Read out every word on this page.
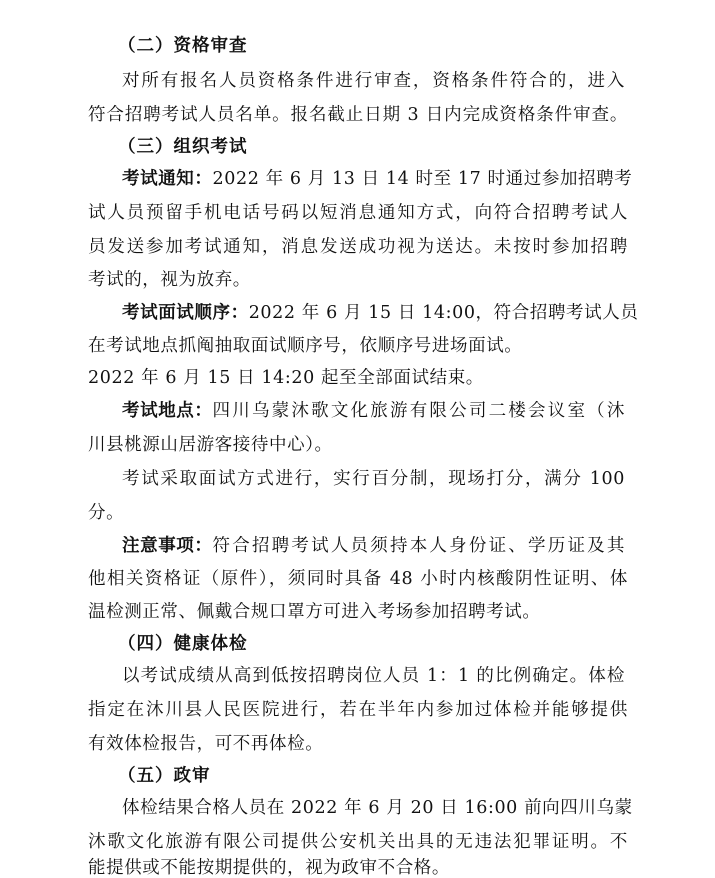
（二）资格审查
对所有报名人员资格条件进行审查，资格条件符合的，进入
符合招聘考试人员名单。报名截止日期 3 日内完成资格条件审查。
（三）组织考试
考试通知： 2022 年 6 月 13 日 14 时至 17 时通过参加招聘考
试人员预留手机电话号码以短消息通知方式，向符合招聘考试人
员发送参加考试通知，消息发送成功视为送达。未按时参加招聘
考试的，视为放弃。
考试面试顺序： 2022 年 6 月 15 日 14:00，符合招聘考试人员
在考试地点抓阄抽取面试顺序号，依顺序号进场面试。
2022 年 6 月 15 日 14:20 起至全部面试结束。
考试地点： 四川乌蒙沐歌文化旅游有限公司二楼会议室（沐
川县桃源山居游客接待中心）。
考试采取面试方式进行，实行百分制，现场打分，满分 100
分。
注意事项： 符合招聘考试人员须持本人身份证、学历证及其
他相关资格证（原件），须同时具备 48 小时内核酸阴性证明、体
温检测正常、佩戴合规口罩方可进入考场参加招聘考试。
（四）健康体检
以考试成绩从高到低按招聘岗位人员 1：1 的比例确定。体检
指定在沐川县人民医院进行，若在半年内参加过体检并能够提供
有效体检报告，可不再体检。
（五）政审
体检结果合格人员在 2022 年 6 月 20 日 16:00 前向四川乌蒙
沐歌文化旅游有限公司提供公安机关出具的无违法犯罪证明。不
能提供或不能按期提供的，视为政审不合格。
